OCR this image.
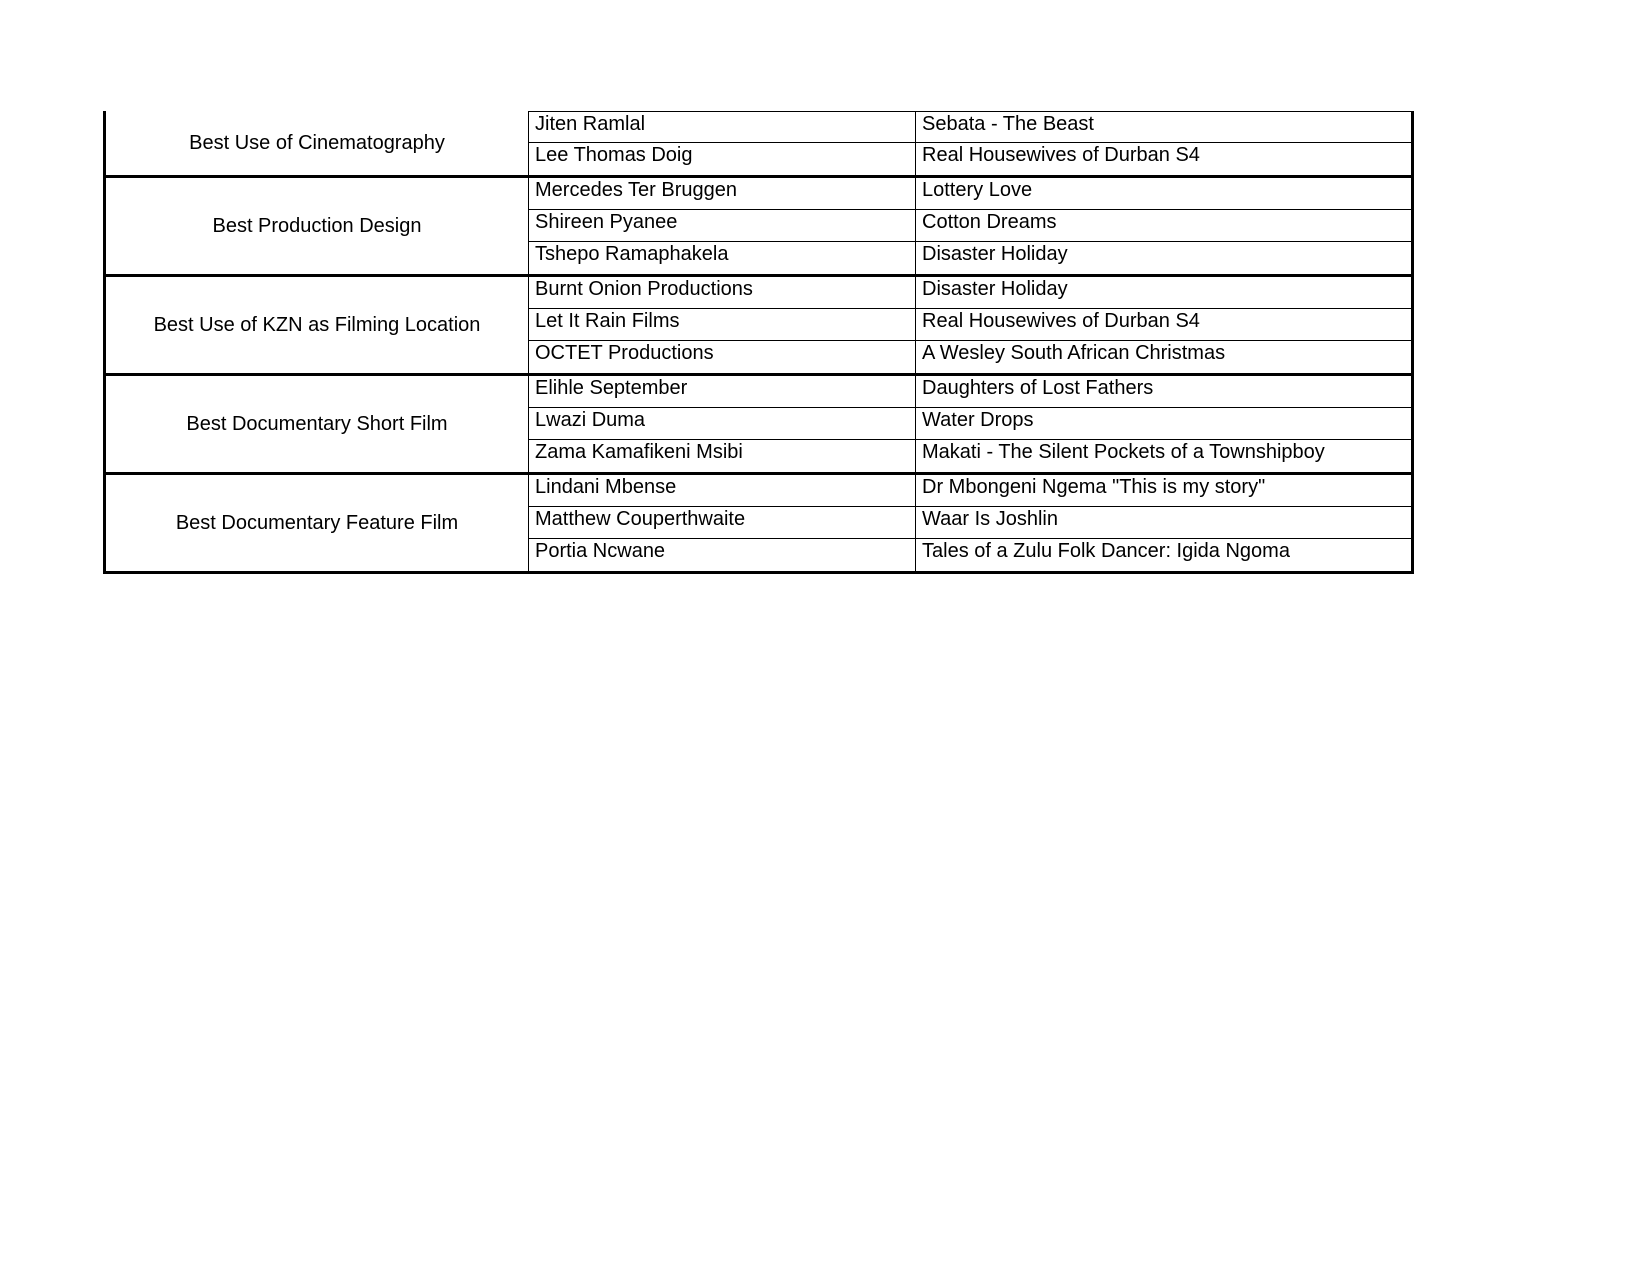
Best Use of Cinematography
Jiten Ramlal	Sebata - The Beast
Lee Thomas Doig	Real Housewives of Durban S4
Best Production Design
Mercedes Ter Bruggen	Lottery Love
Shireen Pyanee	Cotton Dreams
Tshepo Ramaphakela	Disaster Holiday
Best Use of KZN as Filming Location
Burnt Onion Productions	Disaster Holiday
Let It Rain Films	Real Housewives of Durban S4
OCTET Productions	A Wesley South African Christmas
Best Documentary Short Film
Elihle September	Daughters of Lost Fathers
Lwazi Duma	Water Drops
Zama Kamafikeni Msibi	Makati - The Silent Pockets of a Townshipboy
Best Documentary Feature Film
Lindani Mbense	Dr Mbongeni Ngema "This is my story"
Matthew Couperthwaite	Waar Is Joshlin
Portia Ncwane	Tales of a Zulu Folk Dancer: Igida Ngoma
